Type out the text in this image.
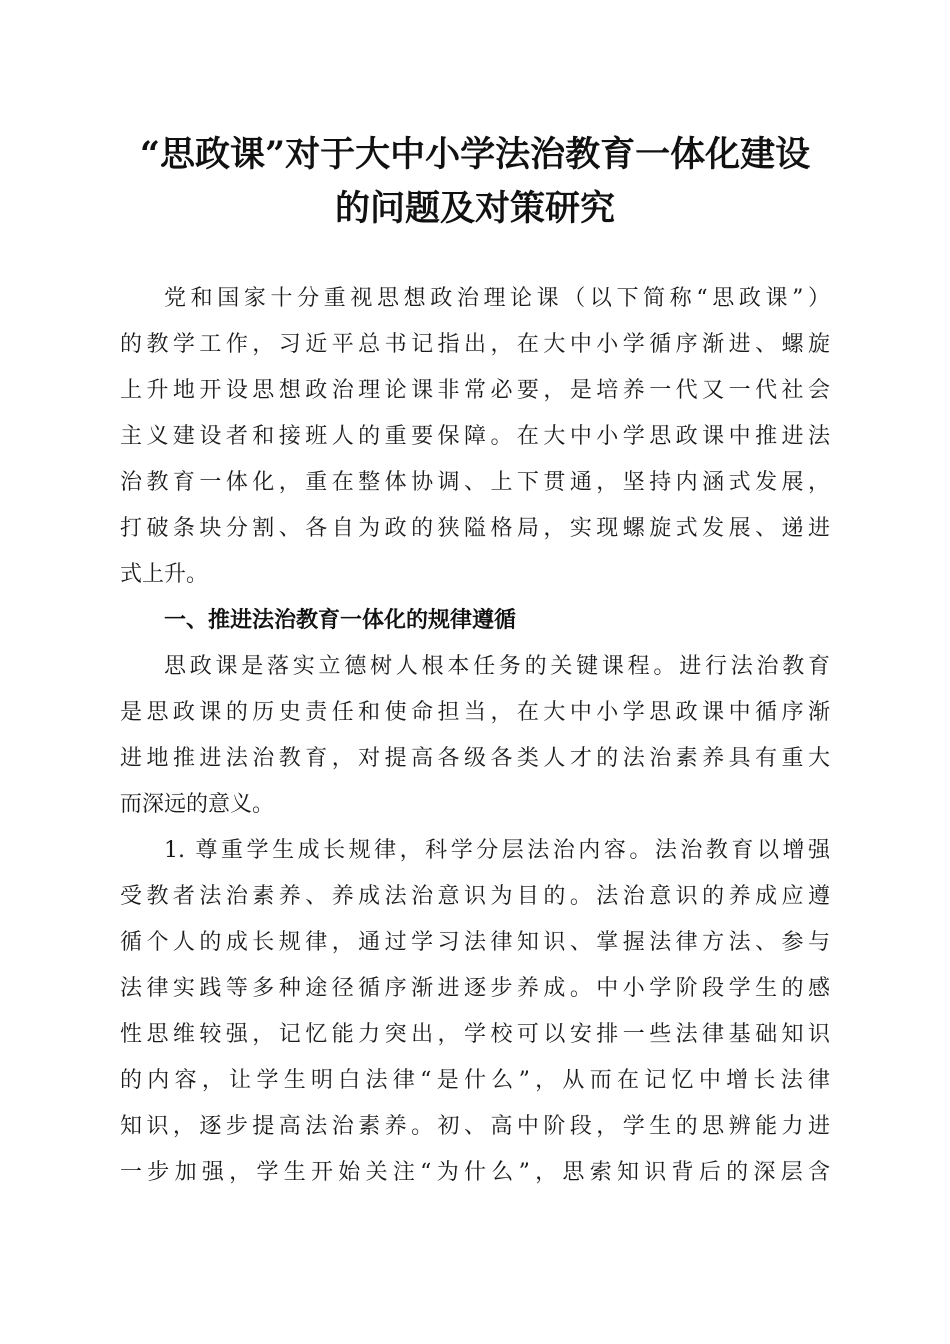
“思政课”对于大中小学法治教育一体化建设
的问题及对策研究
党和国家十分重视思想政治理论课（以下简称“思政课”）
的教学工作，习近平总书记指出，在大中小学循序渐进、螺旋
上升地开设思想政治理论课非常必要，是培养一代又一代社会
主义建设者和接班人的重要保障。在大中小学思政课中推进法
治教育一体化，重在整体协调、上下贯通，坚持内涵式发展，
打破条块分割、各自为政的狭隘格局，实现螺旋式发展、递进
式上升。
一、推进法治教育一体化的规律遵循
思政课是落实立德树人根本任务的关键课程。进行法治教育
是思政课的历史责任和使命担当，在大中小学思政课中循序渐
进地推进法治教育，对提高各级各类人才的法治素养具有重大
而深远的意义。
1. 尊重学生成长规律，科学分层法治内容。法治教育以增强
受教者法治素养、养成法治意识为目的。法治意识的养成应遵
循个人的成长规律，通过学习法律知识、掌握法律方法、参与
法律实践等多种途径循序渐进逐步养成。中小学阶段学生的感
性思维较强，记忆能力突出，学校可以安排一些法律基础知识
的内容，让学生明白法律“是什么”，从而在记忆中增长法律
知识，逐步提高法治素养。初、高中阶段，学生的思辨能力进
一步加强，学生开始关注“为什么”，思索知识背后的深层含
